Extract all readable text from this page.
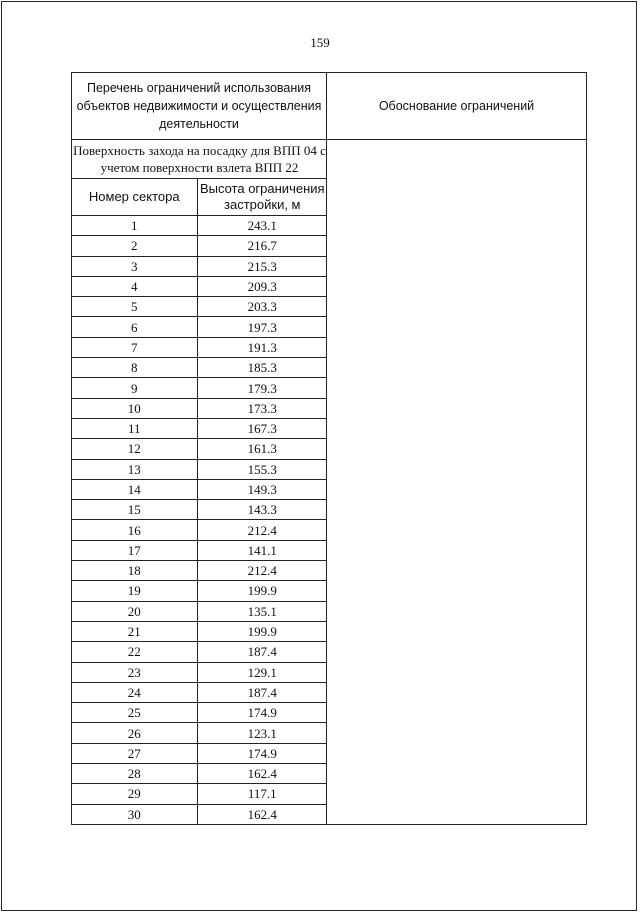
159
Перечень ограничений использования объектов недвижимости и осуществления деятельности	Обоснование ограничений

Поверхность захода на посадку для ВПП 04 с учетом поверхности взлета ВПП 22
Номер сектора	Высота ограничения застройки, м
1	243.1
2	216.7
3	215.3
4	209.3
5	203.3
6	197.3
7	191.3
8	185.3
9	179.3
10	173.3
11	167.3
12	161.3
13	155.3
14	149.3
15	143.3
16	212.4
17	141.1
18	212.4
19	199.9
20	135.1
21	199.9
22	187.4
23	129.1
24	187.4
25	174.9
26	123.1
27	174.9
28	162.4
29	117.1
30	162.4
